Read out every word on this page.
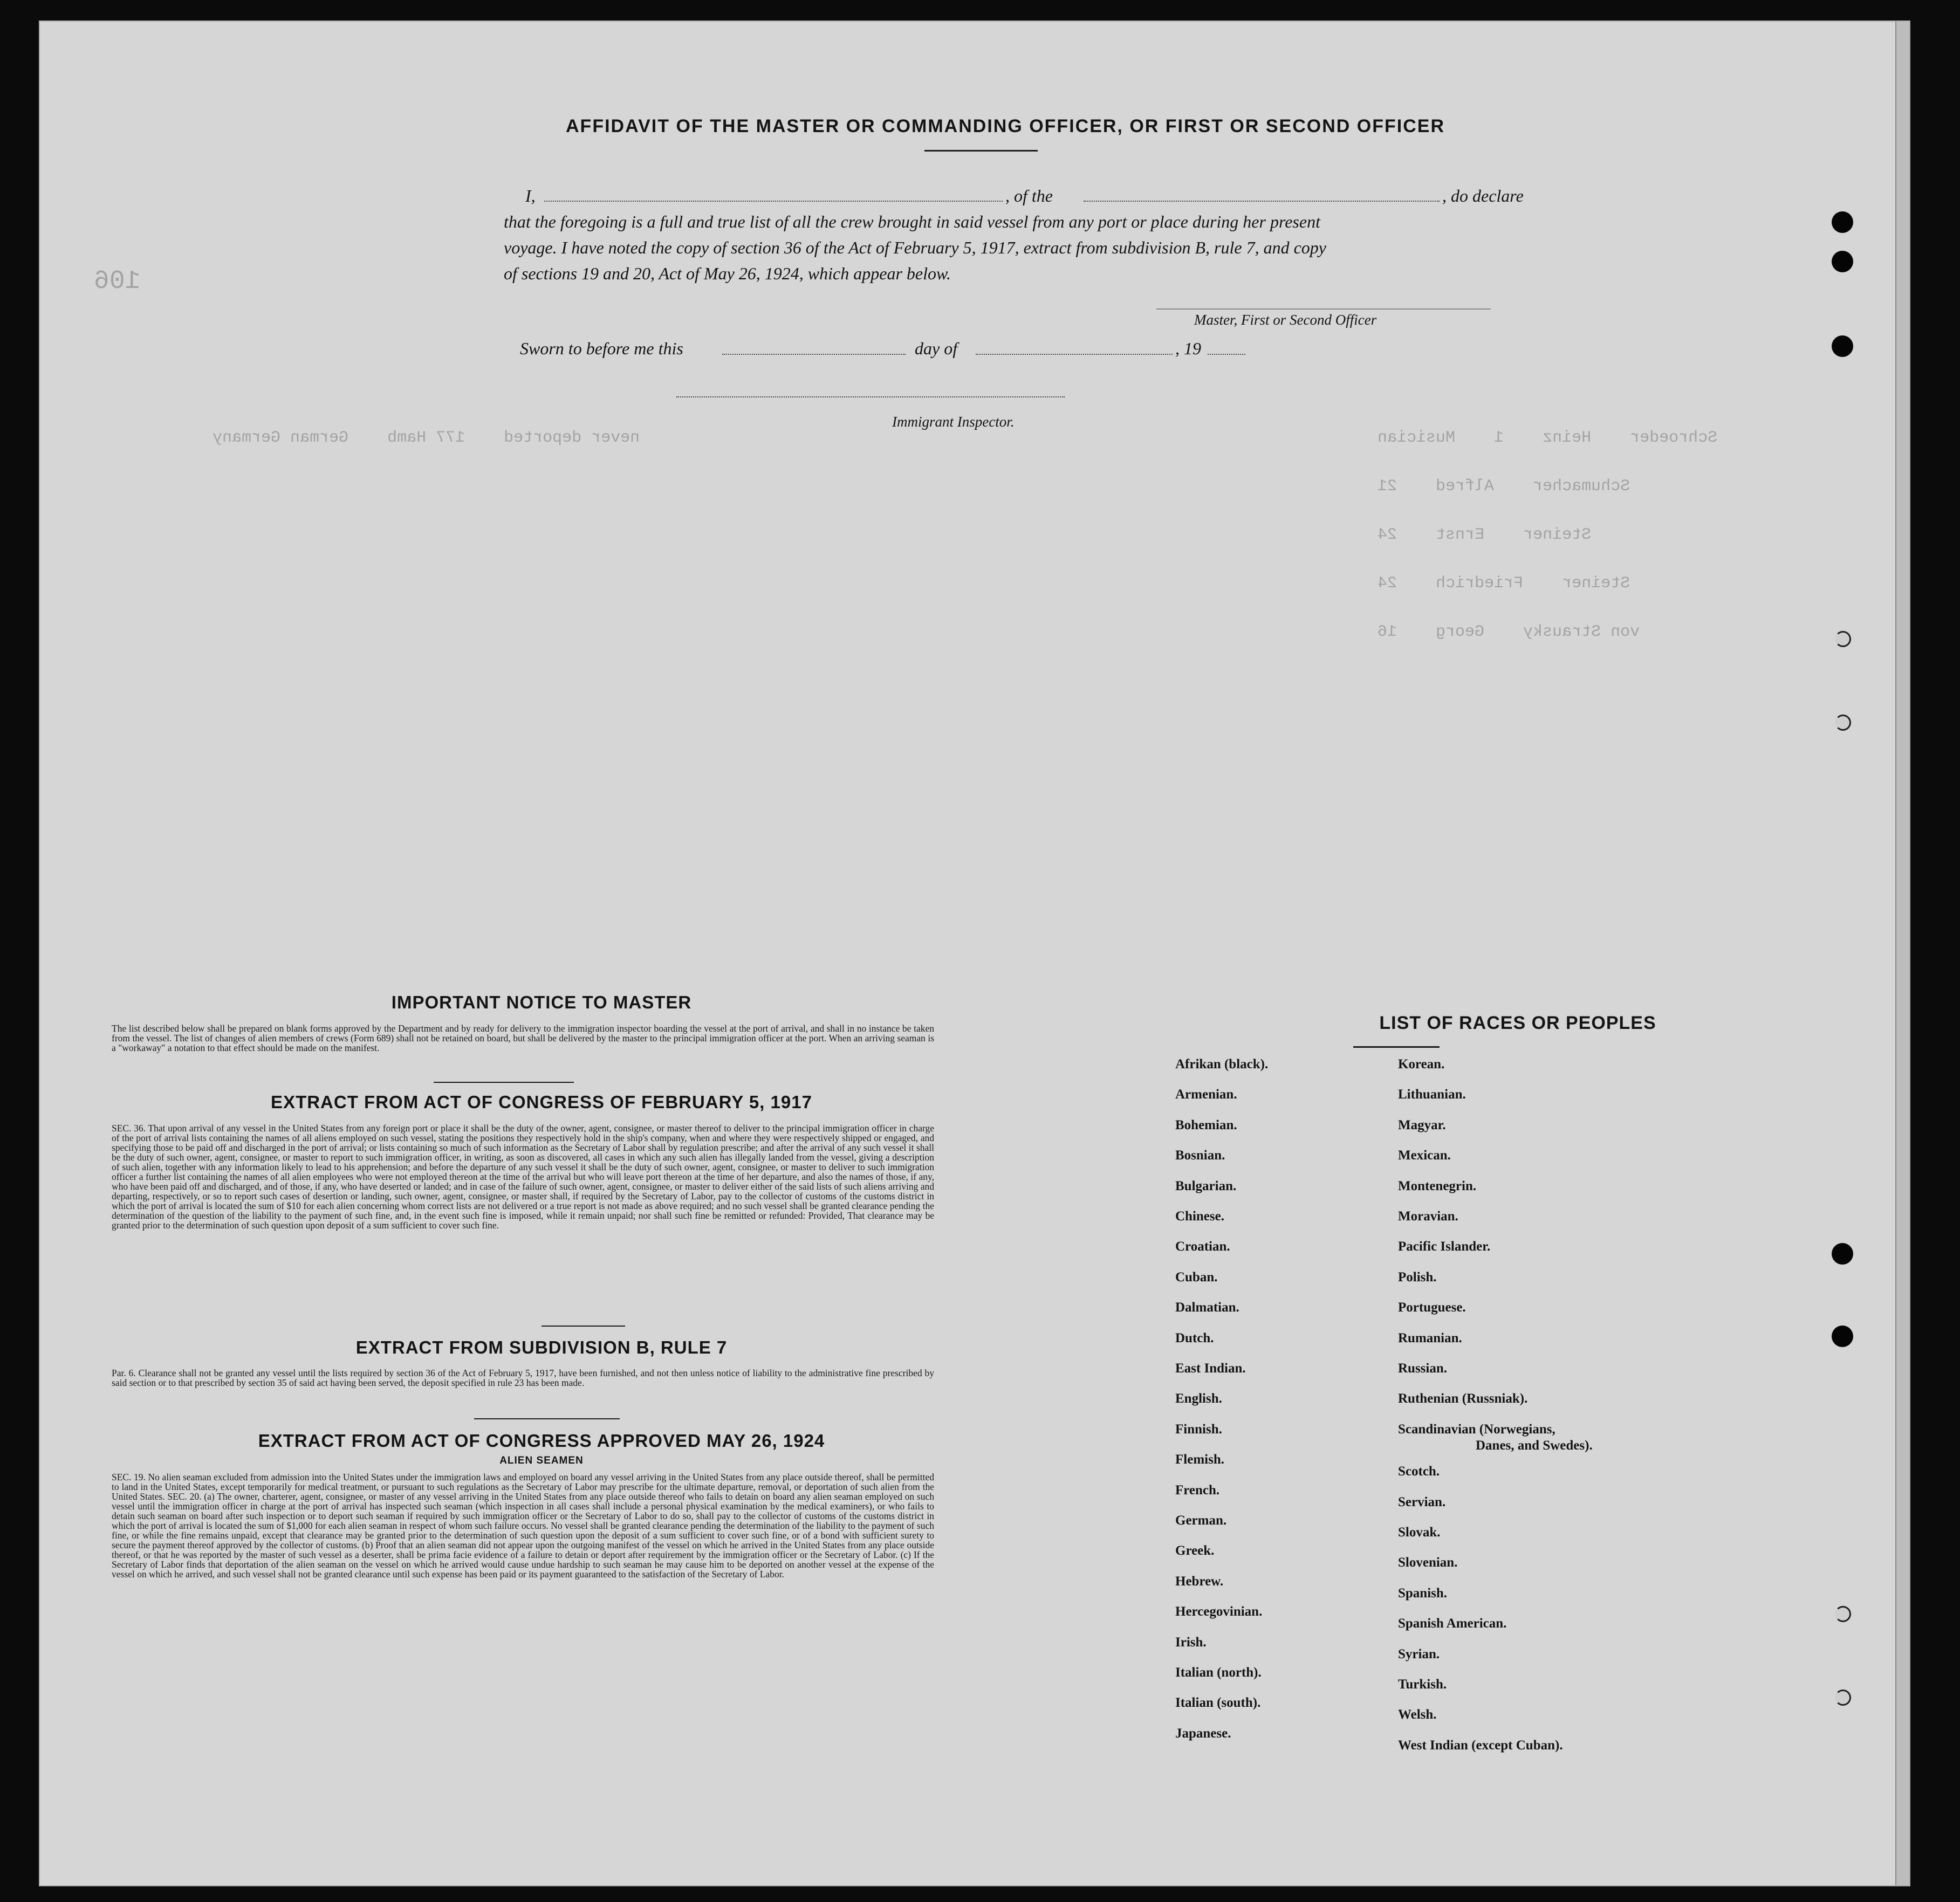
Schroeder    Heinz    1    Musician
Schumacher    Alfred    21
Steiner    Ernst    24
Steiner    Friedrich    24
von Strausky    Georg    16
never deported    177 Hamb    German Germany
106
AFFIDAVIT OF THE MASTER OR COMMANDING OFFICER, OR FIRST OR SECOND OFFICER
I,	, of the	, do declare
that the foregoing is a full and true list of all the crew brought in said vessel from any port or place during her present
voyage. I have noted the copy of section 36 of the Act of February 5, 1917, extract from subdivision B, rule 7, and copy
of sections 19 and 20, Act of May 26, 1924, which appear below.
Master, First or Second Officer
Sworn to before me this	day of	, 19
Immigrant Inspector.
IMPORTANT NOTICE TO MASTER
The list described below shall be prepared on blank forms approved by the Department and by ready for delivery to the immigration inspector boarding the vessel at the port of arrival, and shall in no instance be taken from the vessel. The list of changes of alien members of crews (Form 689) shall not be retained on board, but shall be delivered by the master to the principal immigration officer at the port. When an arriving seaman is a "workaway" a notation to that effect should be made on the manifest.
EXTRACT FROM ACT OF CONGRESS OF FEBRUARY 5, 1917
SEC. 36. That upon arrival of any vessel in the United States from any foreign port or place it shall be the duty of the owner, agent, consignee, or master thereof to deliver to the principal immigration officer in charge of the port of arrival lists containing the names of all aliens employed on such vessel, stating the positions they respectively hold in the ship's company, when and where they were respectively shipped or engaged, and specifying those to be paid off and discharged in the port of arrival; or lists containing so much of such information as the Secretary of Labor shall by regulation prescribe; and after the arrival of any such vessel it shall be the duty of such owner, agent, consignee, or master to report to such immigration officer, in writing, as soon as discovered, all cases in which any such alien has illegally landed from the vessel, giving a description of such alien, together with any information likely to lead to his apprehension; and before the departure of any such vessel it shall be the duty of such owner, agent, consignee, or master to deliver to such immigration officer a further list containing the names of all alien employees who were not employed thereon at the time of the arrival but who will leave port thereon at the time of her departure, and also the names of those, if any, who have been paid off and discharged, and of those, if any, who have deserted or landed; and in case of the failure of such owner, agent, consignee, or master to deliver either of the said lists of such aliens arriving and departing, respectively, or so to report such cases of desertion or landing, such owner, agent, consignee, or master shall, if required by the Secretary of Labor, pay to the collector of customs of the customs district in which the port of arrival is located the sum of $10 for each alien concerning whom correct lists are not delivered or a true report is not made as above required; and no such vessel shall be granted clearance pending the determination of the question of the liability to the payment of such fine, and, in the event such fine is imposed, while it remain unpaid; nor shall such fine be remitted or refunded: Provided, That clearance may be granted prior to the determination of such question upon deposit of a sum sufficient to cover such fine.
EXTRACT FROM SUBDIVISION B, RULE 7
Par. 6. Clearance shall not be granted any vessel until the lists required by section 36 of the Act of February 5, 1917, have been furnished, and not then unless notice of liability to the administrative fine prescribed by said section or to that prescribed by section 35 of said act having been served, the deposit specified in rule 23 has been made.
EXTRACT FROM ACT OF CONGRESS APPROVED MAY 26, 1924
ALIEN SEAMEN
SEC. 19. No alien seaman excluded from admission into the United States under the immigration laws and employed on board any vessel arriving in the United States from any place outside thereof, shall be permitted to land in the United States, except temporarily for medical treatment, or pursuant to such regulations as the Secretary of Labor may prescribe for the ultimate departure, removal, or deportation of such alien from the United States. SEC. 20. (a) The owner, charterer, agent, consignee, or master of any vessel arriving in the United States from any place outside thereof who fails to detain on board any alien seaman employed on such vessel until the immigration officer in charge at the port of arrival has inspected such seaman (which inspection in all cases shall include a personal physical examination by the medical examiners), or who fails to detain such seaman on board after such inspection or to deport such seaman if required by such immigration officer or the Secretary of Labor to do so, shall pay to the collector of customs of the customs district in which the port of arrival is located the sum of $1,000 for each alien seaman in respect of whom such failure occurs. No vessel shall be granted clearance pending the determination of the liability to the payment of such fine, or while the fine remains unpaid, except that clearance may be granted prior to the determination of such question upon the deposit of a sum sufficient to cover such fine, or of a bond with sufficient surety to secure the payment thereof approved by the collector of customs. (b) Proof that an alien seaman did not appear upon the outgoing manifest of the vessel on which he arrived in the United States from any place outside thereof, or that he was reported by the master of such vessel as a deserter, shall be prima facie evidence of a failure to detain or deport after requirement by the immigration officer or the Secretary of Labor. (c) If the Secretary of Labor finds that deportation of the alien seaman on the vessel on which he arrived would cause undue hardship to such seaman he may cause him to be deported on another vessel at the expense of the vessel on which he arrived, and such vessel shall not be granted clearance until such expense has been paid or its payment guaranteed to the satisfaction of the Secretary of Labor.
LIST OF RACES OR PEOPLES
Afrikan (black).
Armenian.
Bohemian.
Bosnian.
Bulgarian.
Chinese.
Croatian.
Cuban.
Dalmatian.
Dutch.
East Indian.
English.
Finnish.
Flemish.
French.
German.
Greek.
Hebrew.
Hercegovinian.
Irish.
Italian (north).
Italian (south).
Japanese.
Korean.
Lithuanian.
Magyar.
Mexican.
Montenegrin.
Moravian.
Pacific Islander.
Polish.
Portuguese.
Rumanian.
Russian.
Ruthenian (Russniak).
Scandinavian (Norwegians,
Danes, and Swedes).
Scotch.
Servian.
Slovak.
Slovenian.
Spanish.
Spanish American.
Syrian.
Turkish.
Welsh.
West Indian (except Cuban).
